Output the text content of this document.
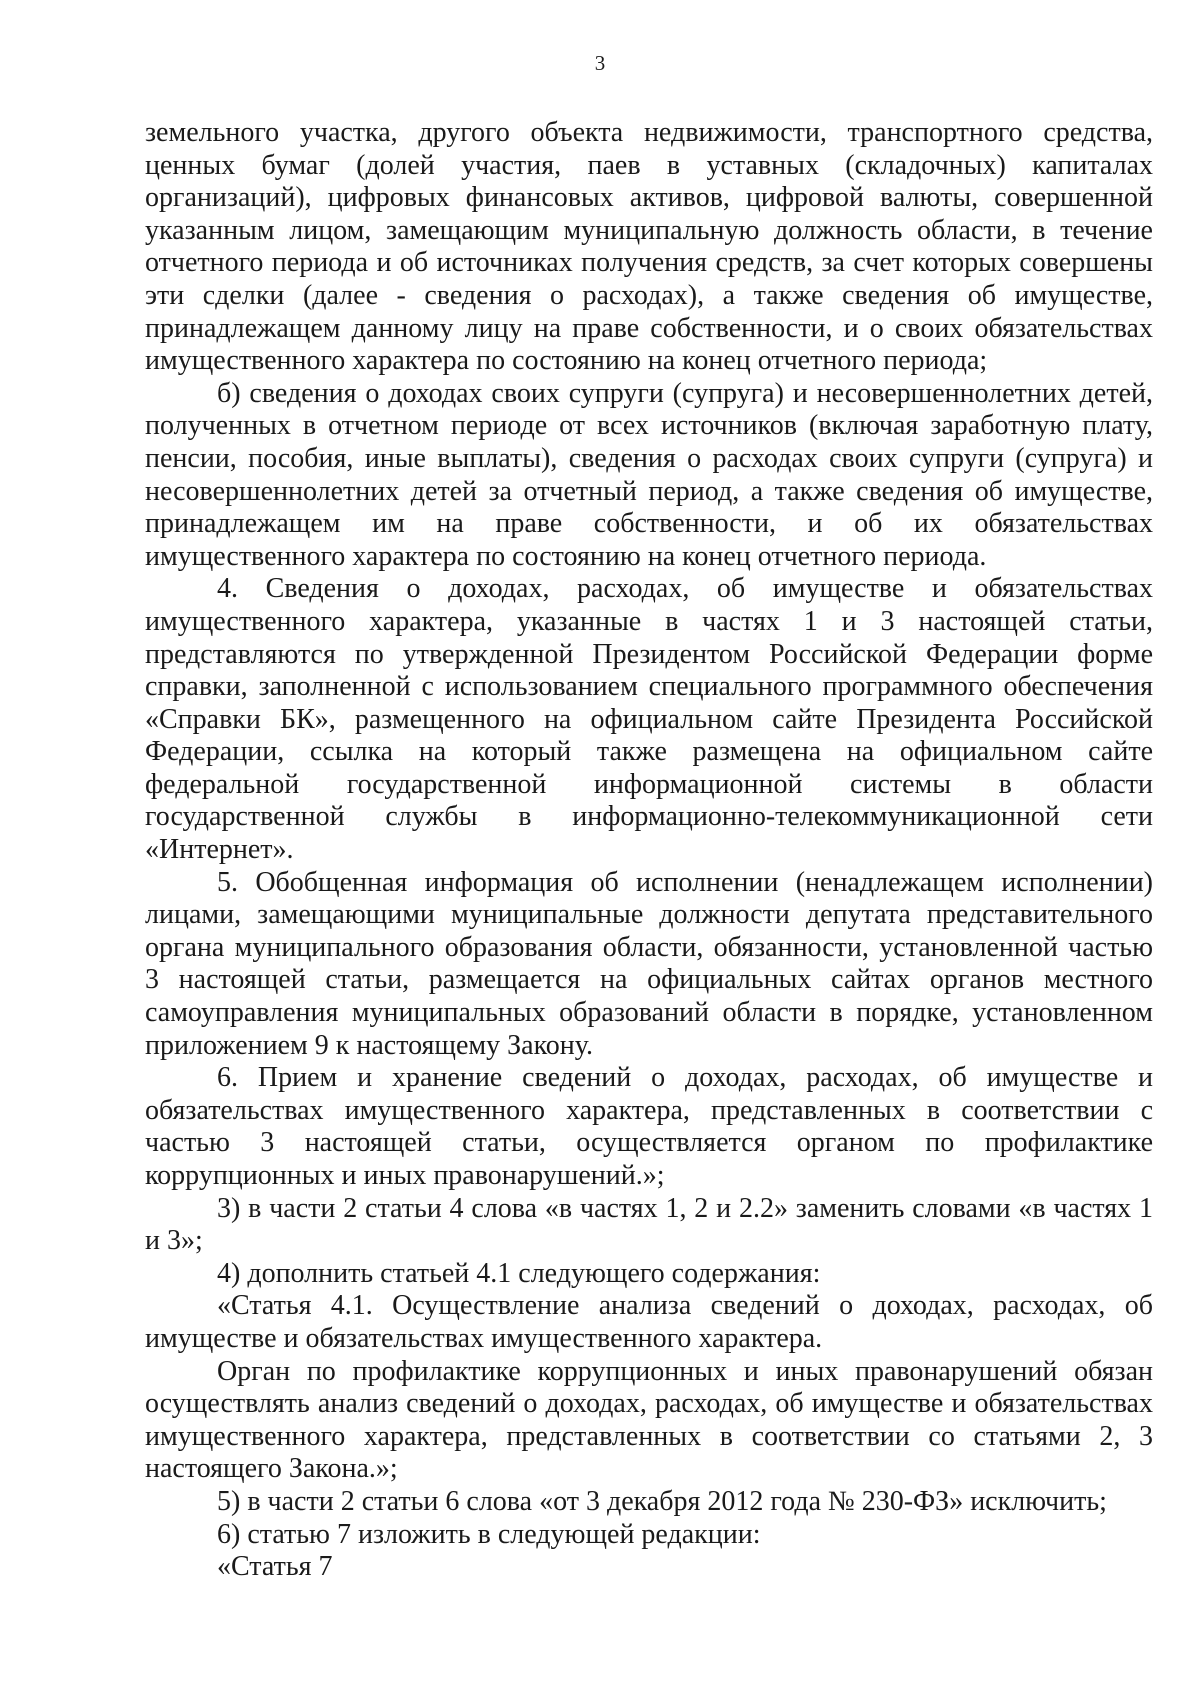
3

земельного участка, другого объекта недвижимости, транспортного средства, ценных бумаг (долей участия, паев в уставных (складочных) капиталах организаций), цифровых финансовых активов, цифровой валюты, совершенной указанным лицом, замещающим муниципальную должность области, в течение отчетного периода и об источниках получения средств, за счет которых совершены эти сделки (далее - сведения о расходах), а также сведения об имуществе, принадлежащем данному лицу на праве собственности, и о своих обязательствах имущественного характера по состоянию на конец отчетного периода;

б) сведения о доходах своих супруги (супруга) и несовершеннолетних детей, полученных в отчетном периоде от всех источников (включая заработную плату, пенсии, пособия, иные выплаты), сведения о расходах своих супруги (супруга) и несовершеннолетних детей за отчетный период, а также сведения об имуществе, принадлежащем им на праве собственности, и об их обязательствах имущественного характера по состоянию на конец отчетного периода.

4. Сведения о доходах, расходах, об имуществе и обязательствах имущественного характера, указанные в частях 1 и 3 настоящей статьи, представляются по утвержденной Президентом Российской Федерации форме справки, заполненной с использованием специального программного обеспечения «Справки БК», размещенного на официальном сайте Президента Российской Федерации, ссылка на который также размещена на официальном сайте федеральной государственной информационной системы в области государственной службы в информационно-телекоммуникационной сети «Интернет».

5. Обобщенная информация об исполнении (ненадлежащем исполнении) лицами, замещающими муниципальные должности депутата представительного органа муниципального образования области, обязанности, установленной частью 3 настоящей статьи, размещается на официальных сайтах органов местного самоуправления муниципальных образований области в порядке, установленном приложением 9 к настоящему Закону.

6. Прием и хранение сведений о доходах, расходах, об имуществе и обязательствах имущественного характера, представленных в соответствии с частью 3 настоящей статьи, осуществляется органом по профилактике коррупционных и иных правонарушений.»;

3) в части 2 статьи 4 слова «в частях 1, 2 и 2.2» заменить словами «в частях 1 и 3»;

4) дополнить статьей 4.1 следующего содержания:

«Статья 4.1. Осуществление анализа сведений о доходах, расходах, об имуществе и обязательствах имущественного характера.

Орган по профилактике коррупционных и иных правонарушений обязан осуществлять анализ сведений о доходах, расходах, об имуществе и обязательствах имущественного характера, представленных в соответствии со статьями 2, 3 настоящего Закона.»;

5) в части 2 статьи 6 слова «от 3 декабря 2012 года № 230-ФЗ» исключить;

6) статью 7 изложить в следующей редакции:

«Статья 7
